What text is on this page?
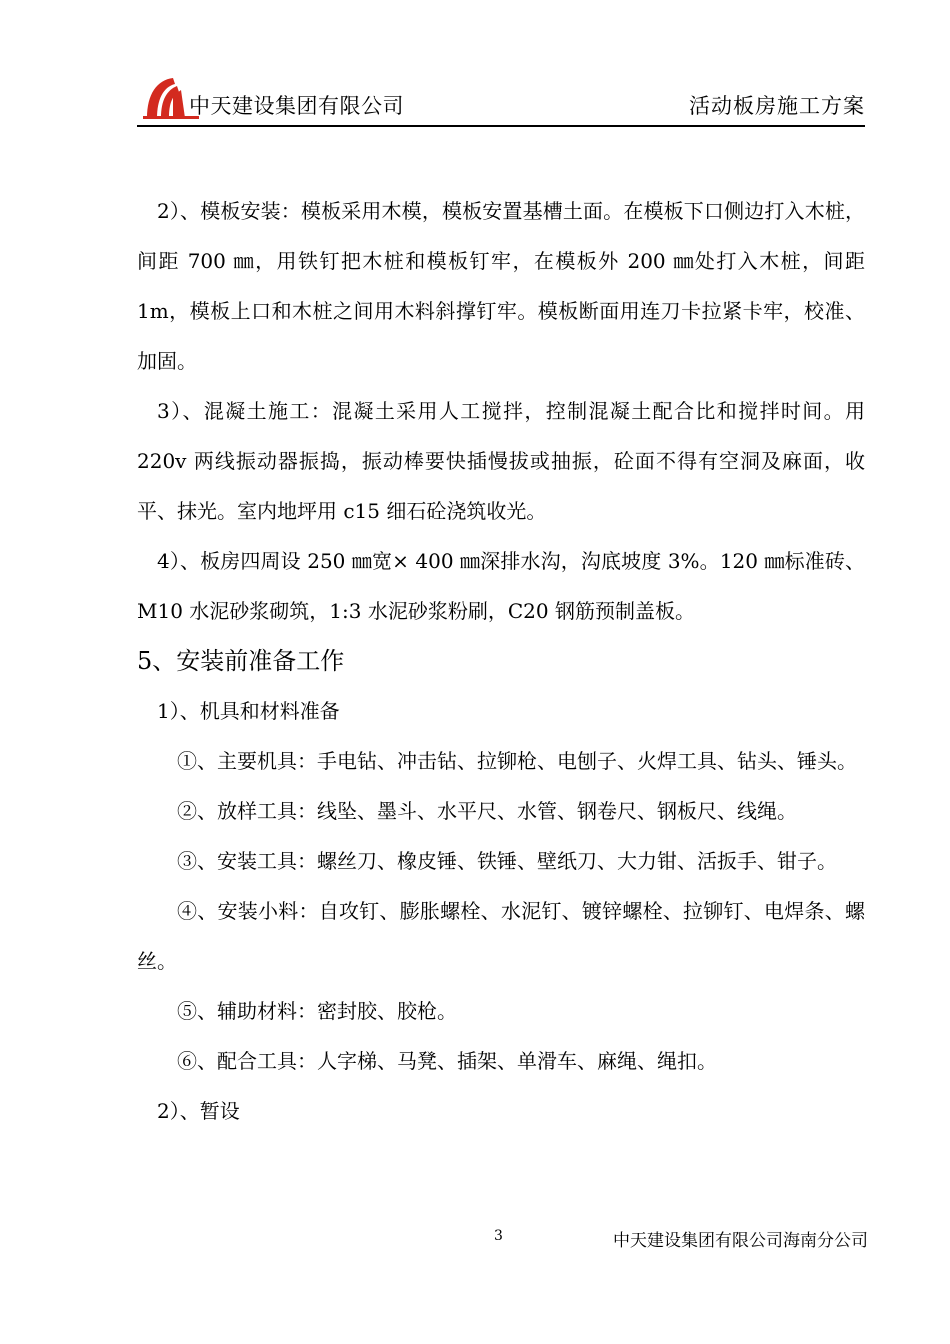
中天建设集团有限公司	活动板房施工方案

2）、模板安装：模板采用木模，模板安置基槽土面。在模板下口侧边打入木桩，间距 700 ㎜，用铁钉把木桩和模板钉牢，在模板外 200 ㎜处打入木桩，间距 1m，模板上口和木桩之间用木料斜撑钉牢。模板断面用连刀卡拉紧卡牢，校准、加固。

3）、混凝土施工：混凝土采用人工搅拌，控制混凝土配合比和搅拌时间。用 220v 两线振动器振捣，振动棒要快插慢拔或抽振，砼面不得有空洞及麻面，收平、抹光。室内地坪用 c15 细石砼浇筑收光。

4）、板房四周设 250 ㎜宽× 400 ㎜深排水沟，沟底坡度 3%。120 ㎜标准砖、M10 水泥砂浆砌筑，1:3 水泥砂浆粉刷，C20 钢筋预制盖板。

5、安装前准备工作

1）、机具和材料准备

①、主要机具：手电钻、冲击钻、拉铆枪、电刨子、火焊工具、钻头、锤头。

②、放样工具：线坠、墨斗、水平尺、水管、钢卷尺、钢板尺、线绳。

③、安装工具：螺丝刀、橡皮锤、铁锤、壁纸刀、大力钳、活扳手、钳子。

④、安装小料：自攻钉、膨胀螺栓、水泥钉、镀锌螺栓、拉铆钉、电焊条、螺丝。

⑤、辅助材料：密封胶、胶枪。

⑥、配合工具：人字梯、马凳、插架、单滑车、麻绳、绳扣。

2）、暂设

3	中天建设集团有限公司海南分公司
